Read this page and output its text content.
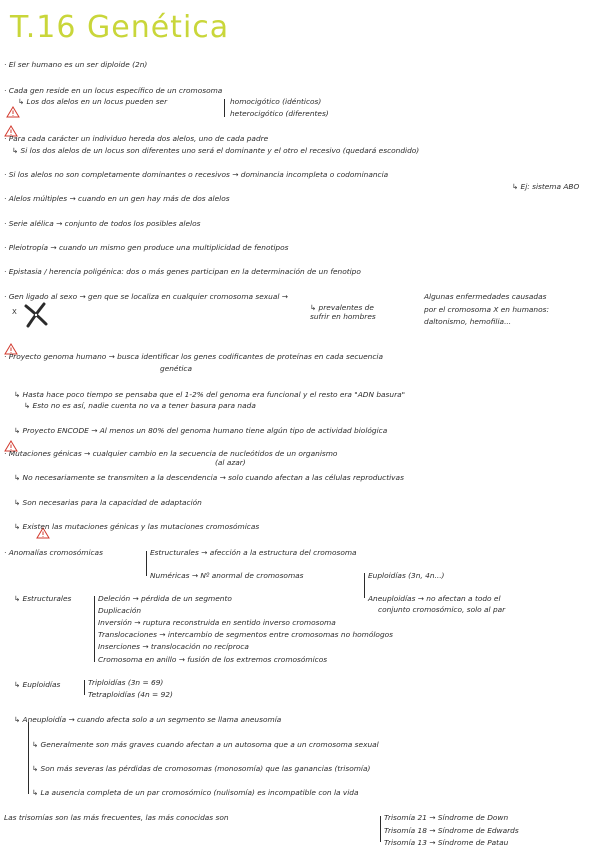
T.16 Genética
X
· El ser humano es un ser diploide (2n)
· Cada gen reside en un locus específico de un cromosoma
↳ Los dos alelos en un locus pueden ser	homocigótico (idénticos)
heterocigótico (diferentes)
· Para cada carácter un individuo hereda dos alelos, uno de cada padre
↳ Si los dos alelos de un locus son diferentes uno será el dominante y el otro el recesivo (quedará escondido)
· Si los alelos no son completamente dominantes o recesivos → dominancia incompleta o codominancia
↳ Ej: sistema ABO
· Alelos múltiples → cuando en un gen hay más de dos alelos
· Serie alélica → conjunto de todos los posibles alelos
· Pleiotropía → cuando un mismo gen produce una multiplicidad de fenotipos
· Epistasia / herencia poligénica: dos o más genes participan en la determinación de un fenotipo
· Gen ligado al sexo → gen que se localiza en cualquier cromosoma sexual →	Algunas enfermedades causadas
por el cromosoma X en humanos:
daltonismo, hemofilia...
↳ prevalentes de
sufrir en hombres
· Proyecto genoma humano → busca identificar los genes codificantes de proteínas en cada secuencia
genética
↳ Hasta hace poco tiempo se pensaba que el 1-2% del genoma era funcional y el resto era "ADN basura"
↳ Esto no es así, nadie cuenta no va a tener basura para nada
↳ Proyecto ENCODE → Al menos un 80% del genoma humano tiene algún tipo de actividad biológica
· Mutaciones génicas → cualquier cambio en la secuencia de nucleótidos de un organismo
(al azar)
↳ No necesariamente se transmiten a la descendencia → solo cuando afectan a las células reproductivas
↳ Son necesarias para la capacidad de adaptación
↳ Existen las mutaciones génicas y las mutaciones cromosómicas
· Anomalías cromosómicas	Estructurales → afección a la estructura del cromosoma
Numéricas → Nº anormal de cromosomas	Euploidías (3n, 4n...)
Aneuploidías → no afectan a todo el
conjunto cromosómico, solo al par
↳ Estructurales	Deleción → pérdida de un segmento
Duplicación
Inversión → ruptura reconstruida en sentido inverso cromosoma
Translocaciones → intercambio de segmentos entre cromosomas no homólogos
Inserciones → translocación no recíproca
Cromosoma en anillo → fusión de los extremos cromosómicos
↳ Euploidías	Triploidías (3n = 69)
Tetraploidías (4n = 92)
↳ Aneuploidía → cuando afecta solo a un segmento se llama aneusomía
↳ Generalmente son más graves cuando afectan a un autosoma que a un cromosoma sexual
↳ Son más severas las pérdidas de cromosomas (monosomía) que las ganancias (trisomía)
↳ La ausencia completa de un par cromosómico (nulisomía) es incompatible con la vida
Las trisomías son las más frecuentes, las más conocidas son	Trisomía 21 → Síndrome de Down
Trisomía 18 → Síndrome de Edwards
Trisomía 13 → Síndrome de Patau
